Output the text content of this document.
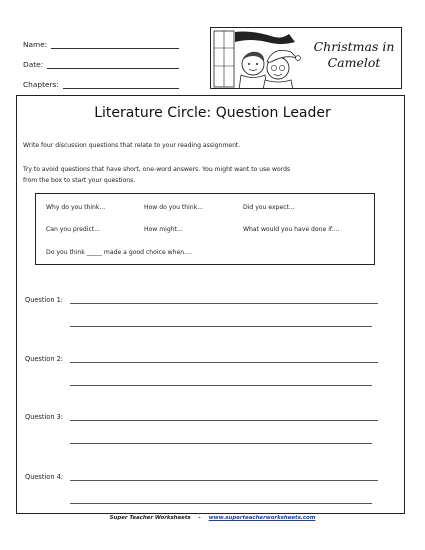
Name:
Date:
Chapters:
Christmas in
Camelot
Literature Circle: Question Leader
Write four discussion questions that relate to your reading assignment.
Try to avoid questions that have short, one-word answers. You might want to use words
from the box to start your questions.
Why do you think...	How do you think...	Did you expect...
Can you predict...	How might...	What would you have done if....
Do you think _____ made a good choice when....
Question 1:
Question 2:
Question 3:
Question 4:
Super Teacher Worksheets - www.superteacherworksheets.com
